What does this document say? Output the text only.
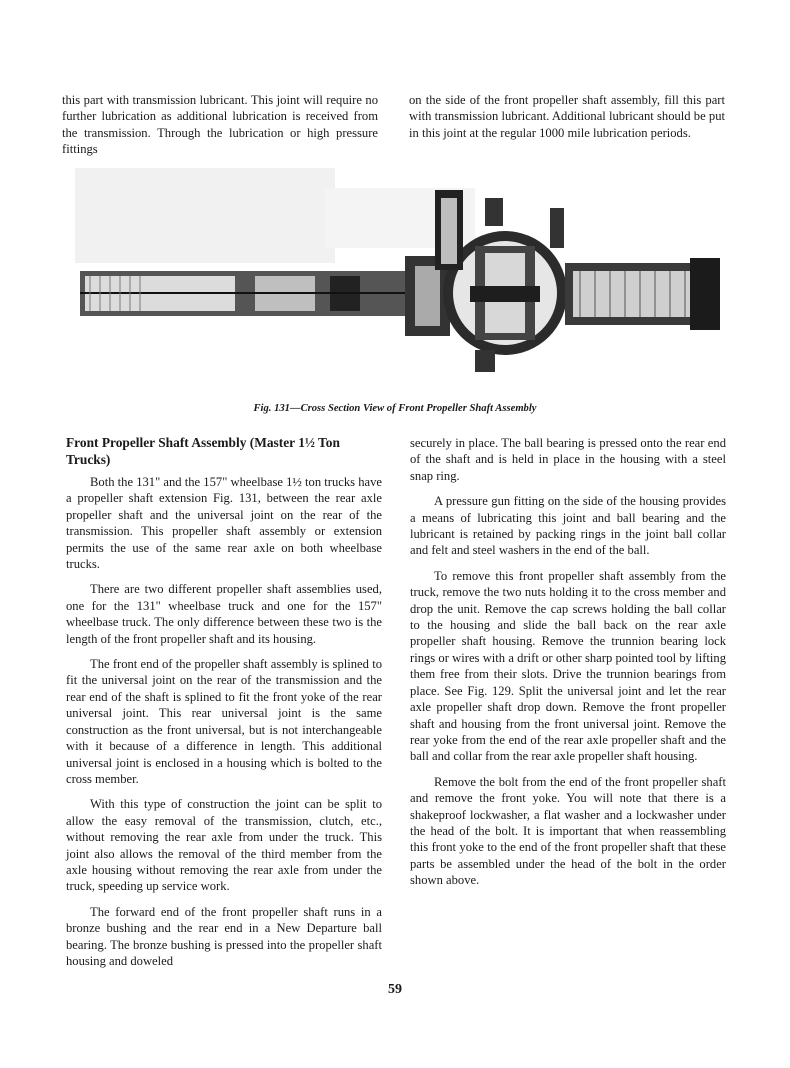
this part with transmission lubricant. This joint will require no further lubrication as additional lubrication is received from the transmission. Through the lubrication or high pressure fittings

on the side of the front propeller shaft assembly, fill this part with transmission lubricant. Additional lubricant should be put in this joint at the regular 1000 mile lubrication periods.

Fig. 131—Cross Section View of Front Propeller Shaft Assembly
Front Propeller Shaft Assembly (Master 1½ Ton Trucks)

Both the 131" and the 157" wheelbase 1½ ton trucks have a propeller shaft extension Fig. 131, between the rear axle propeller shaft and the universal joint on the rear of the transmission. This propeller shaft assembly or extension permits the use of the same rear axle on both wheelbase trucks.

There are two different propeller shaft assemblies used, one for the 131" wheelbase truck and one for the 157" wheelbase truck. The only difference between these two is the length of the front propeller shaft and its housing.

The front end of the propeller shaft assembly is splined to fit the universal joint on the rear of the transmission and the rear end of the shaft is splined to fit the front yoke of the rear universal joint. This rear universal joint is the same construction as the front universal, but is not interchangeable with it because of a difference in length. This additional universal joint is enclosed in a housing which is bolted to the cross member.

With this type of construction the joint can be split to allow the easy removal of the transmission, clutch, etc., without removing the rear axle from under the truck. This joint also allows the removal of the third member from the axle housing without removing the rear axle from under the truck, speeding up service work.

The forward end of the front propeller shaft runs in a bronze bushing and the rear end in a New Departure ball bearing. The bronze bushing is pressed into the propeller shaft housing and doweled

securely in place. The ball bearing is pressed onto the rear end of the shaft and is held in place in the housing with a steel snap ring.

A pressure gun fitting on the side of the housing provides a means of lubricating this joint and ball bearing and the lubricant is retained by packing rings in the joint ball collar and felt and steel washers in the end of the ball.

To remove this front propeller shaft assembly from the truck, remove the two nuts holding it to the cross member and drop the unit. Remove the cap screws holding the ball collar to the housing and slide the ball back on the rear axle propeller shaft housing. Remove the trunnion bearing lock rings or wires with a drift or other sharp pointed tool by lifting them free from their slots. Drive the trunnion bearings from place. See Fig. 129. Split the universal joint and let the rear axle propeller shaft drop down. Remove the front propeller shaft and housing from the front universal joint. Remove the rear yoke from the end of the rear axle propeller shaft and the ball and collar from the rear axle propeller shaft housing.

Remove the bolt from the end of the front propeller shaft and remove the front yoke. You will note that there is a shakeproof lockwasher, a flat washer and a lockwasher under the head of the bolt. It is important that when reassembling this front yoke to the end of the front propeller shaft that these parts be assembled under the head of the bolt in the order shown above.

59
